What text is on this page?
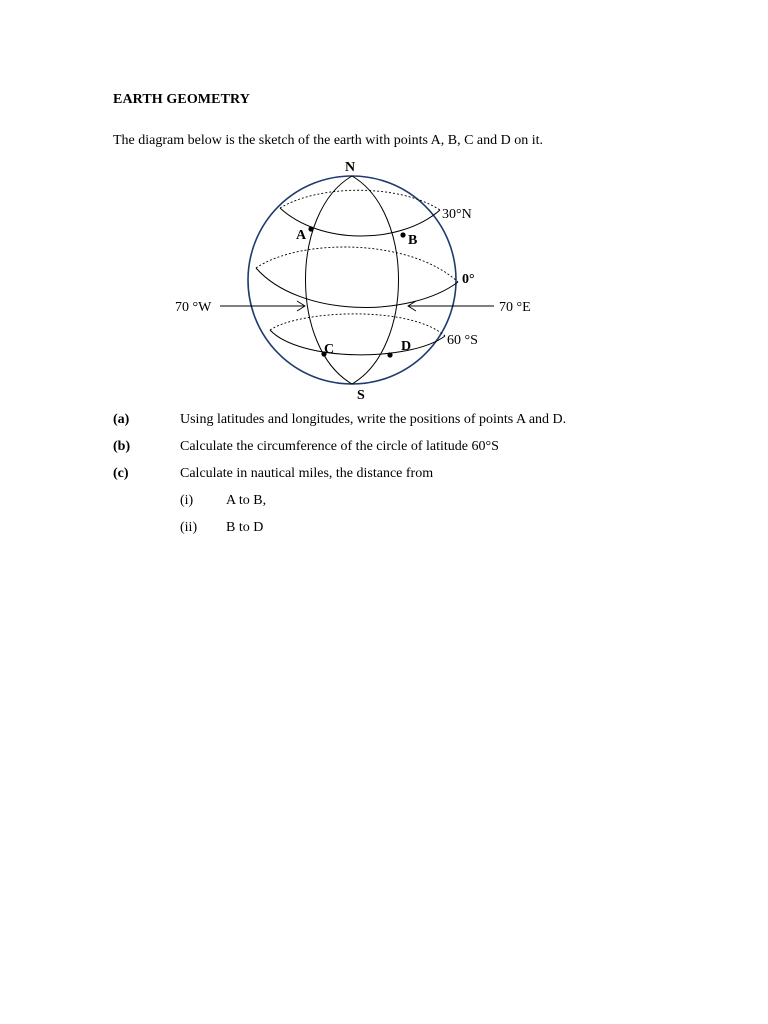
EARTH GEOMETRY
The diagram below is the sketch of the earth with points A, B, C and D on it.
N
S
30°N
0°
60 °S
70 °W	70 °E
A	B
C	D
(a)	Using latitudes and longitudes, write the positions of points A and D.
(b)	Calculate the circumference of the circle of latitude 60°S
(c)	Calculate in nautical miles, the distance from
(i) A to B,
(ii) B to D
